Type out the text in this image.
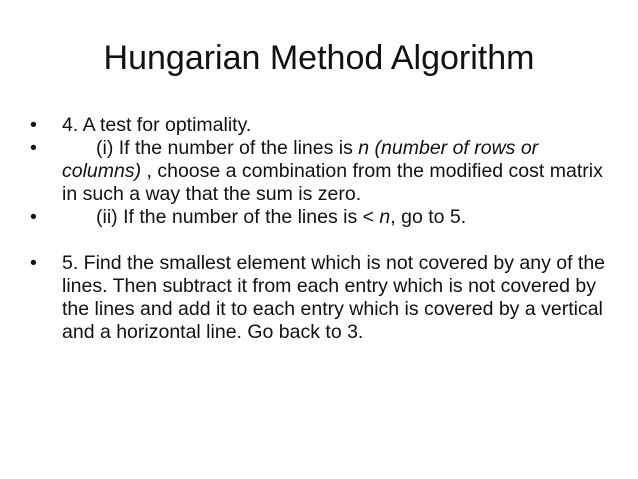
Hungarian Method Algorithm
•	4. A test for optimality.
•	(i) If the number of the lines is n (number of rows or columns) , choose a combination from the modified cost matrix in such a way that the sum is zero.
•	(ii) If the number of the lines is < n, go to 5.
•	5. Find the smallest element which is not covered by any of the lines. Then subtract it from each entry which is not covered by the lines and add it to each entry which is covered by a vertical and a horizontal line. Go back to 3.
